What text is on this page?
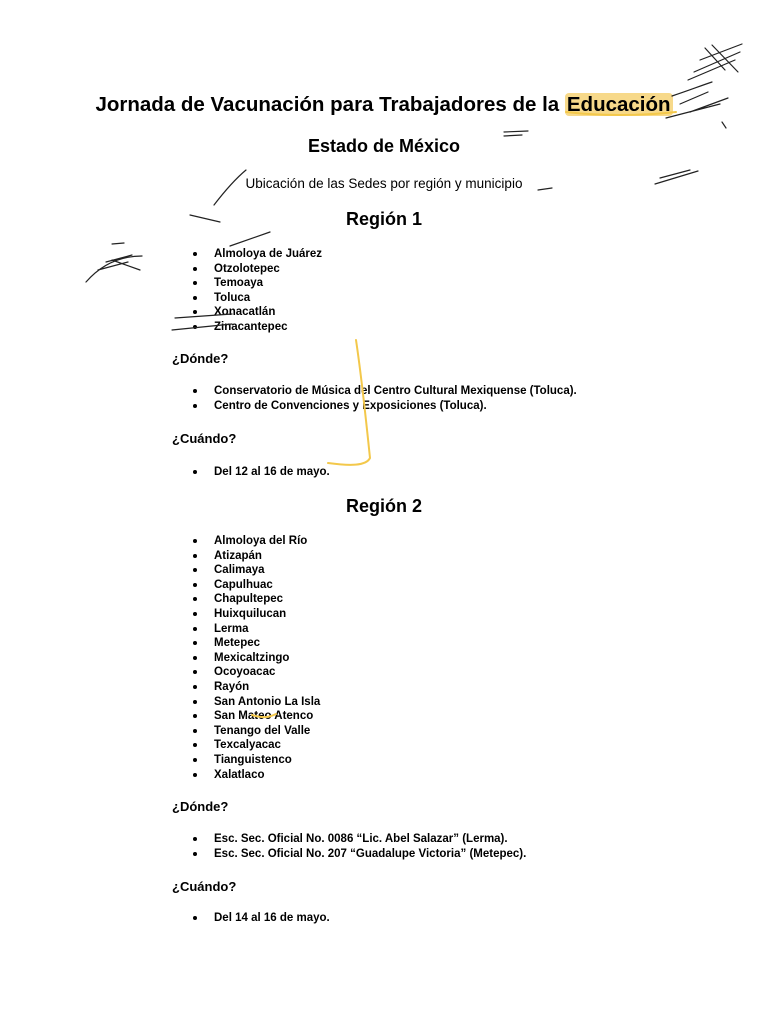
Jornada de Vacunación para Trabajadores de la Educación
Estado de México
Ubicación de las Sedes por región y municipio
Región 1
Almoloya de Juárez
Otzolotepec
Temoaya
Toluca
Xonacatlán
Zinacantepec
¿Dónde?
Conservatorio de Música del Centro Cultural Mexiquense (Toluca).
Centro de Convenciones y Exposiciones (Toluca).
¿Cuándo?
Del 12 al 16 de mayo.
Región 2
Almoloya del Río
Atizapán
Calimaya
Capulhuac
Chapultepec
Huixquilucan
Lerma
Metepec
Mexicaltzingo
Ocoyoacac
Rayón
San Antonio La Isla
San Mateo Atenco
Tenango del Valle
Texcalyacac
Tianguistenco
Xalatlaco
¿Dónde?
Esc. Sec. Oficial No. 0086 “Lic. Abel Salazar” (Lerma).
Esc. Sec. Oficial No. 207 “Guadalupe Victoria” (Metepec).
¿Cuándo?
Del 14 al 16 de mayo.
